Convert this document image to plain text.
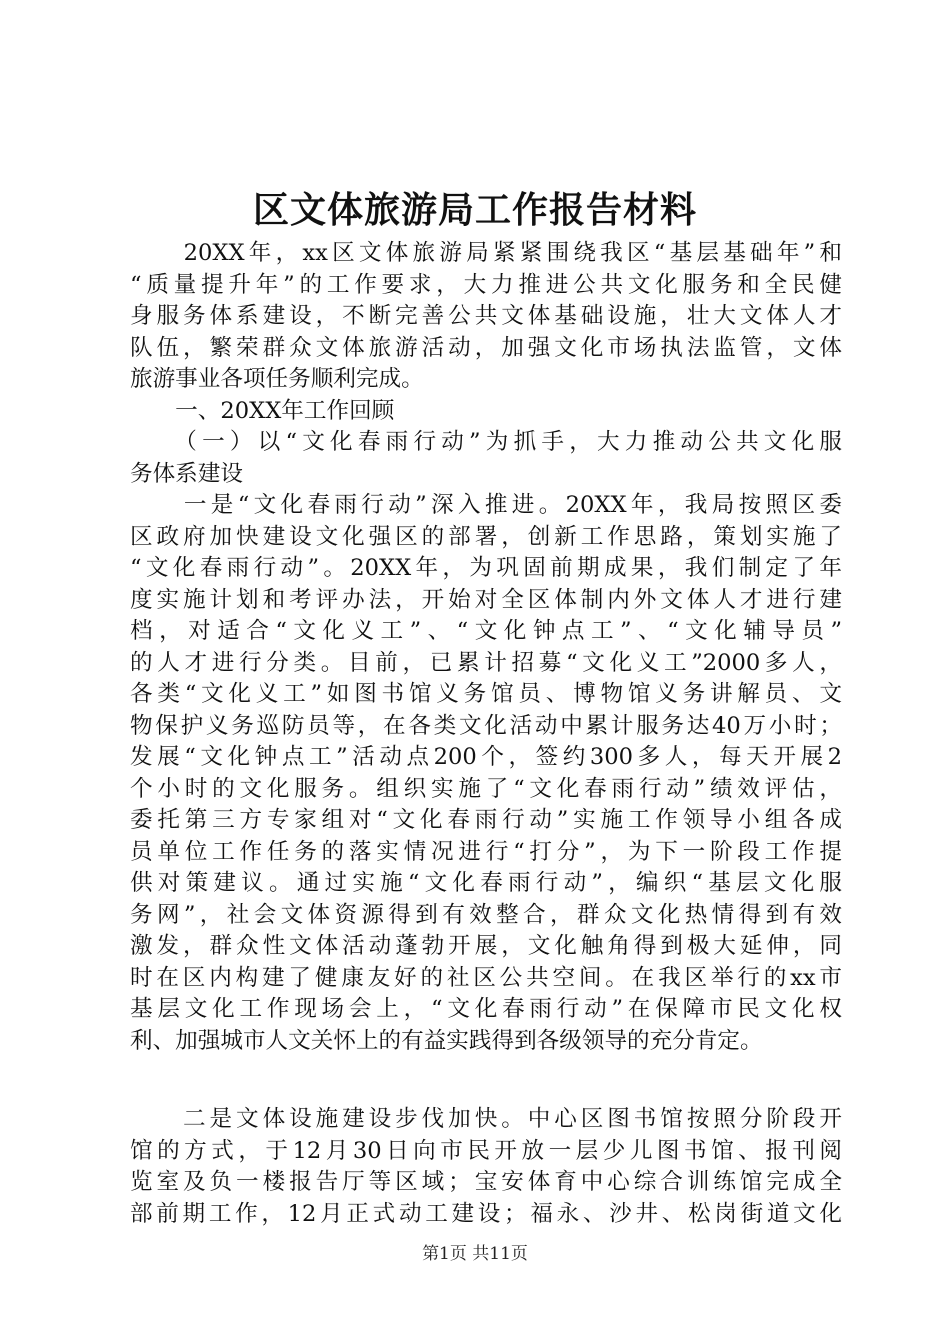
区文体旅游局工作报告材料
　　20XX年，xx区文体旅游局紧紧围绕我区“基层基础年”和
“质量提升年”的工作要求，大力推进公共文化服务和全民健
身服务体系建设，不断完善公共文体基础设施，壮大文体人才
队伍，繁荣群众文体旅游活动，加强文化市场执法监管，文体
旅游事业各项任务顺利完成。
　　一、20XX年工作回顾
　　（一）以“文化春雨行动”为抓手，大力推动公共文化服
务体系建设
　　一是“文化春雨行动”深入推进。20XX年，我局按照区委
区政府加快建设文化强区的部署，创新工作思路，策划实施了
“文化春雨行动”。20XX年，为巩固前期成果，我们制定了年
度实施计划和考评办法，开始对全区体制内外文体人才进行建
档，对适合“文化义工”、“文化钟点工”、“文化辅导员”
的人才进行分类。目前，已累计招募“文化义工”2000多人，
各类“文化义工”如图书馆义务馆员、博物馆义务讲解员、文
物保护义务巡防员等，在各类文化活动中累计服务达40万小时；
发展“文化钟点工”活动点200个，签约300多人，每天开展2
个小时的文化服务。组织实施了“文化春雨行动”绩效评估，
委托第三方专家组对“文化春雨行动”实施工作领导小组各成
员单位工作任务的落实情况进行“打分”，为下一阶段工作提
供对策建议。通过实施“文化春雨行动”，编织“基层文化服
务网”，社会文体资源得到有效整合，群众文化热情得到有效
激发，群众性文体活动蓬勃开展，文化触角得到极大延伸，同
时在区内构建了健康友好的社区公共空间。在我区举行的xx市
基层文化工作现场会上，“文化春雨行动”在保障市民文化权
利、加强城市人文关怀上的有益实践得到各级领导的充分肯定。
　　二是文体设施建设步伐加快。中心区图书馆按照分阶段开
馆的方式，于12月30日向市民开放一层少儿图书馆、报刊阅
览室及负一楼报告厅等区域；宝安体育中心综合训练馆完成全
部前期工作，12月正式动工建设；福永、沙井、松岗街道文化
第1页 共11页
